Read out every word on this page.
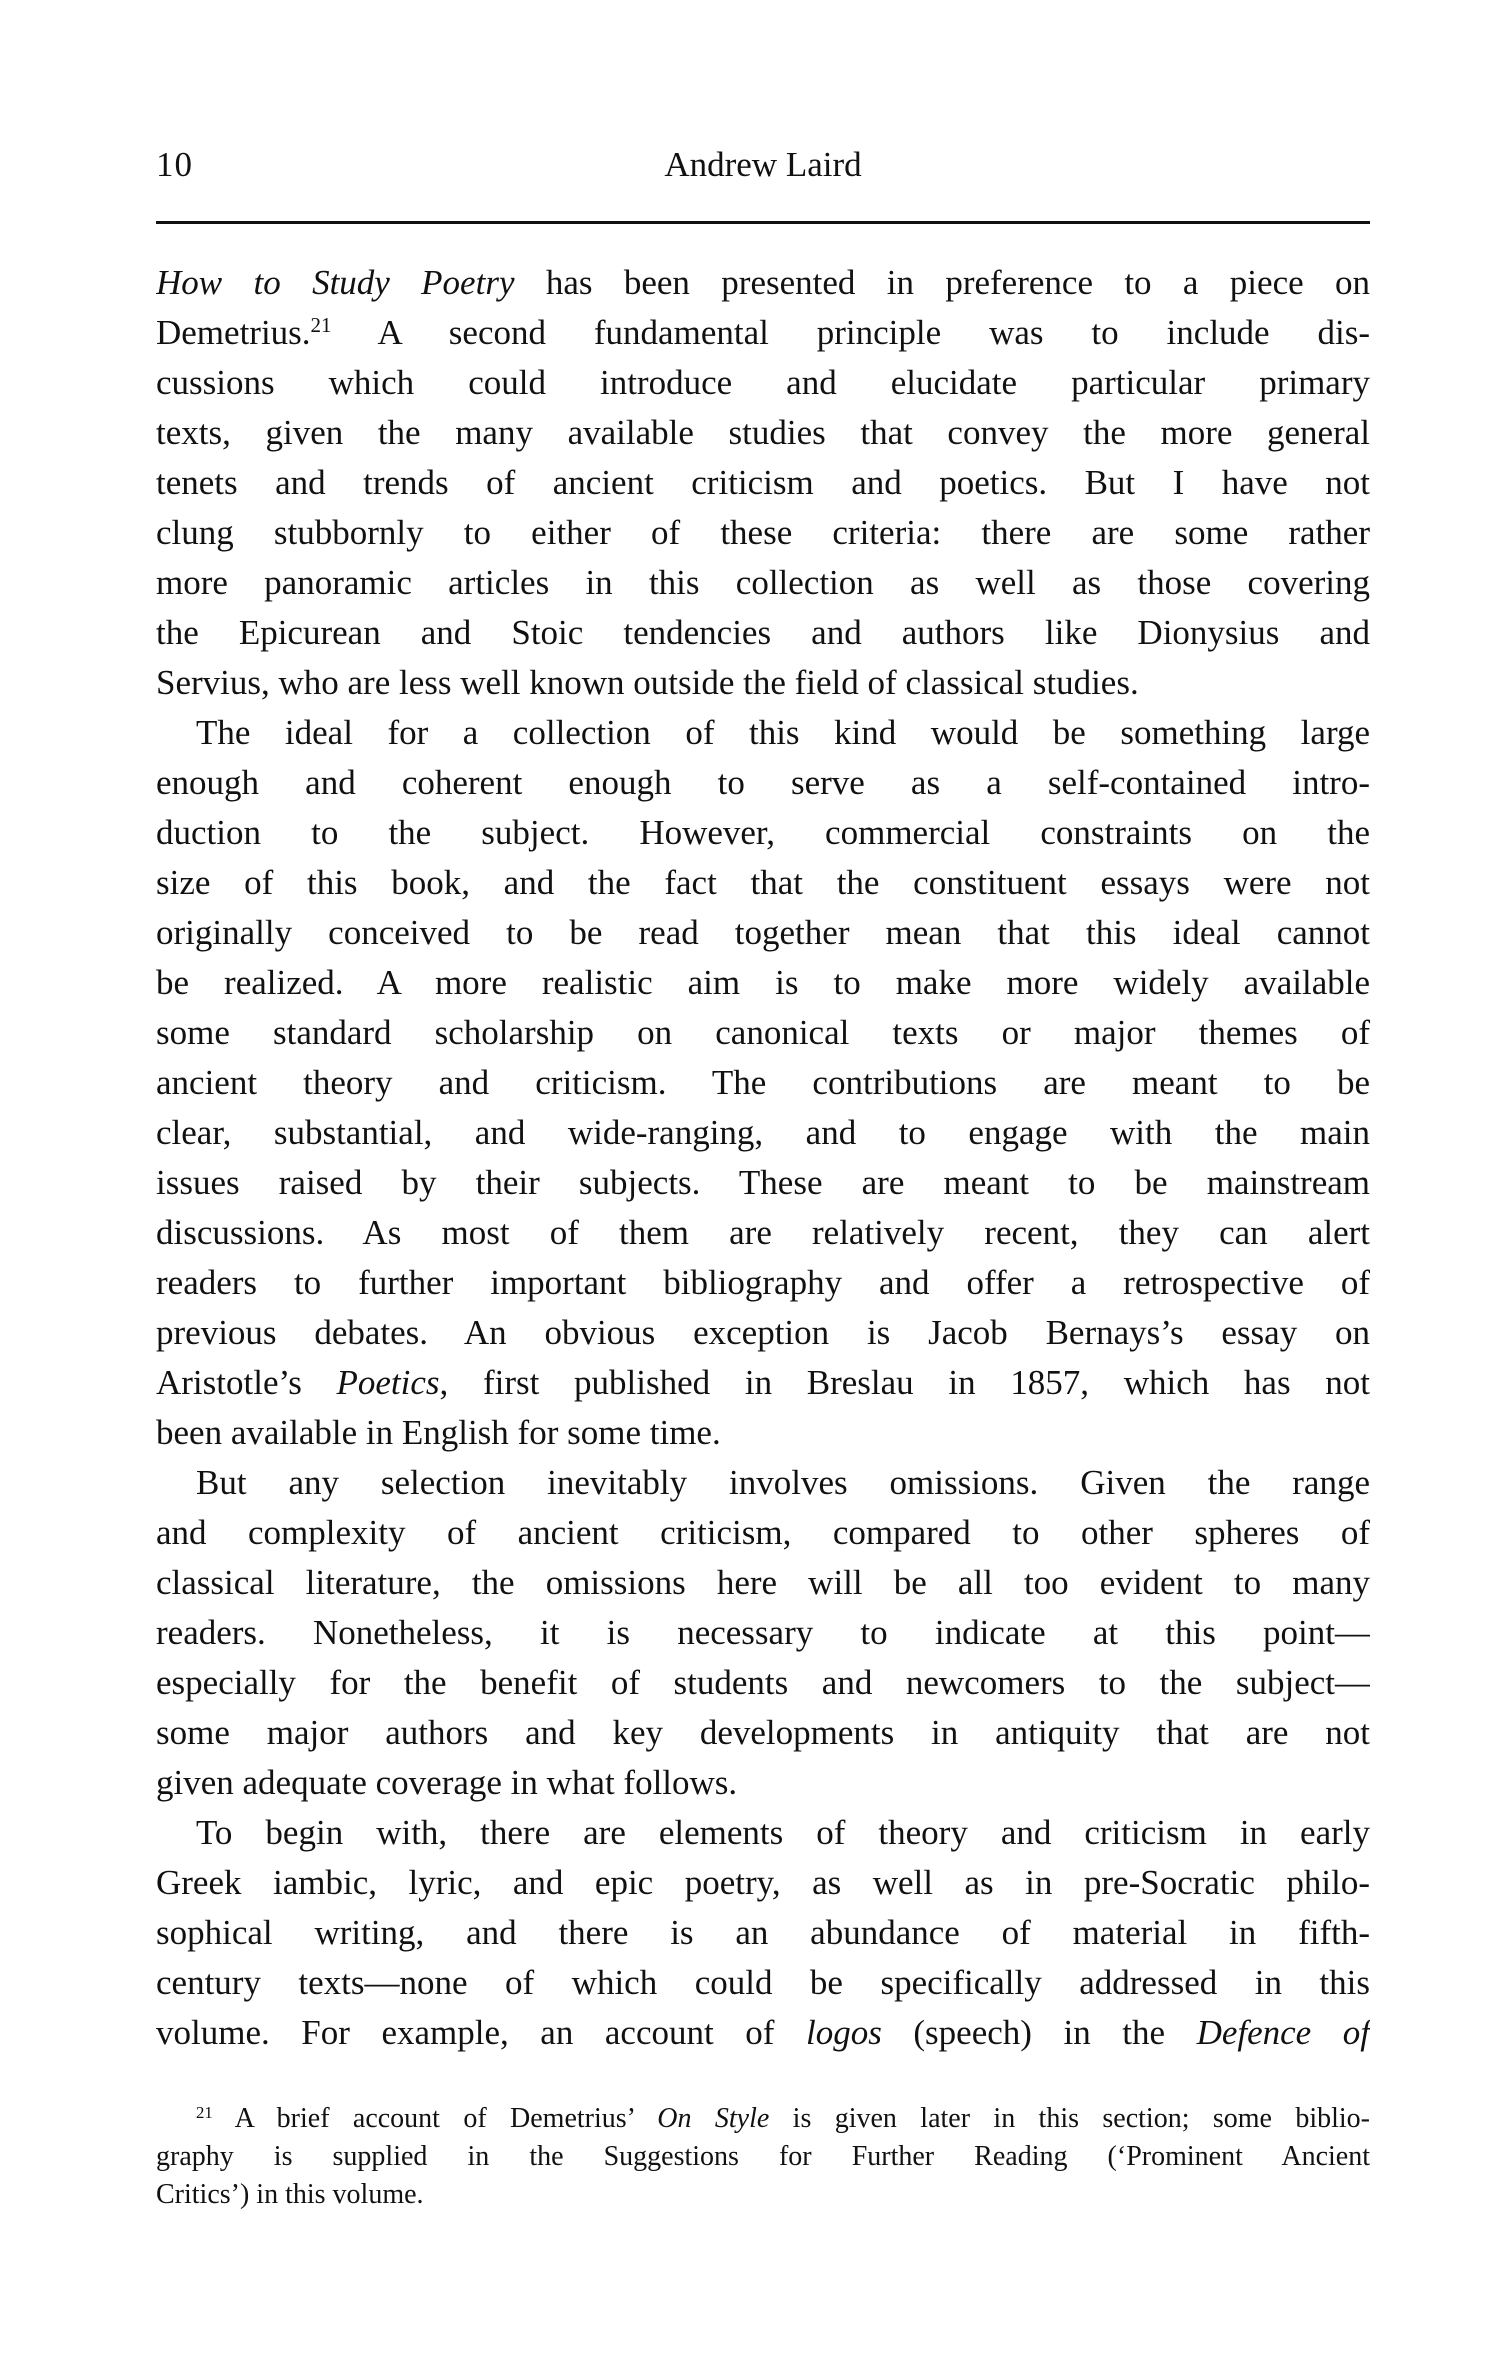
10	Andrew Laird
How to Study Poetry has been presented in preference to a piece on
Demetrius.$^{21}$ A second fundamental principle was to include dis-
cussions which could introduce and elucidate particular primary
texts, given the many available studies that convey the more general
tenets and trends of ancient criticism and poetics. But I have not
clung stubbornly to either of these criteria: there are some rather
more panoramic articles in this collection as well as those covering
the Epicurean and Stoic tendencies and authors like Dionysius and
Servius, who are less well known outside the field of classical studies.
The ideal for a collection of this kind would be something large
enough and coherent enough to serve as a self-contained intro-
duction to the subject. However, commercial constraints on the
size of this book, and the fact that the constituent essays were not
originally conceived to be read together mean that this ideal cannot
be realized. A more realistic aim is to make more widely available
some standard scholarship on canonical texts or major themes of
ancient theory and criticism. The contributions are meant to be
clear, substantial, and wide-ranging, and to engage with the main
issues raised by their subjects. These are meant to be mainstream
discussions. As most of them are relatively recent, they can alert
readers to further important bibliography and offer a retrospective of
previous debates. An obvious exception is Jacob Bernays’s essay on
Aristotle’s Poetics, first published in Breslau in 1857, which has not
been available in English for some time.
But any selection inevitably involves omissions. Given the range
and complexity of ancient criticism, compared to other spheres of
classical literature, the omissions here will be all too evident to many
readers. Nonetheless, it is necessary to indicate at this point—
especially for the benefit of students and newcomers to the subject—
some major authors and key developments in antiquity that are not
given adequate coverage in what follows.
To begin with, there are elements of theory and criticism in early
Greek iambic, lyric, and epic poetry, as well as in pre-Socratic philo-
sophical writing, and there is an abundance of material in fifth-
century texts—none of which could be specifically addressed in this
volume. For example, an account of logos (speech) in the Defence of
$^{21}$ A brief account of Demetrius’ On Style is given later in this section; some biblio-
graphy is supplied in the Suggestions for Further Reading (‘Prominent Ancient
Critics’) in this volume.
